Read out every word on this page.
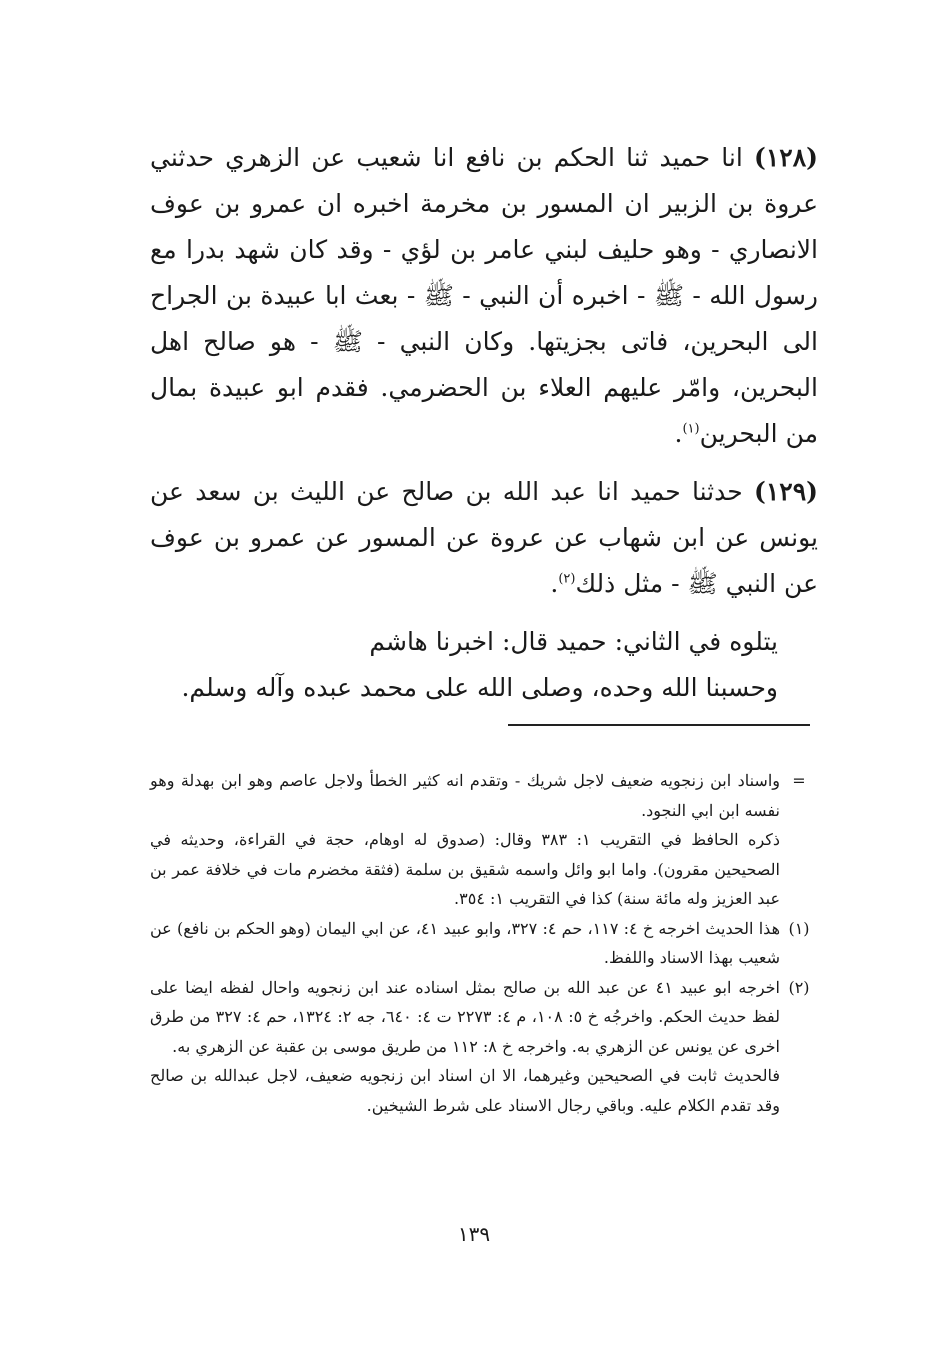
(١٢٨) انا حميد ثنا الحكم بن نافع انا شعيب عن الزهري حدثني عروة بن الزبير ان المسور بن مخرمة اخبره ان عمرو بن عوف الانصاري - وهو حليف لبني عامر بن لؤي - وقد كان شهد بدرا مع رسول الله - ﷺ - اخبره أن النبي - ﷺ - بعث ابا عبيدة بن الجراح الى البحرين، فاتى بجزيتها. وكان النبي - ﷺ - هو صالح اهل البحرين، وامّر عليهم العلاء بن الحضرمي. فقدم ابو عبيدة بمال من البحرين$^{(١)}$.

(١٢٩) حدثنا حميد انا عبد الله بن صالح عن الليث بن سعد عن يونس عن ابن شهاب عن عروة عن المسور عن عمرو بن عوف عن النبي ﷺ - مثل ذلك$^{(٢)}$.

يتلوه في الثاني: حميد قال: اخبرنا هاشم
وحسبنا الله وحده، وصلى الله على محمد عبده وآله وسلم.
=
واسناد ابن زنجويه ضعيف لاجل شريك - وتقدم انه كثير الخطأ ولاجل عاصم وهو ابن بهدلة وهو نفسه ابن ابي النجود.
ذكره الحافظ في التقريب ١: ٣٨٣ وقال: (صدوق له اوهام، حجة في القراءة، وحديثه في الصحيحين مقرون). واما ابو وائل واسمه شقيق بن سلمة (فثقة مخضرم مات في خلافة عمر بن عبد العزيز وله مائة سنة) كذا في التقريب ١: ٣٥٤.
(١)
هذا الحديث اخرجه خ ٤: ١١٧، حم ٤: ٣٢٧، وابو عبيد ٤١، عن ابي اليمان (وهو الحكم بن نافع) عن شعيب بهذا الاسناد واللفظ.
(٢)
اخرجه ابو عبيد ٤١ عن عبد الله بن صالح بمثل اسناده عند ابن زنجويه واحال لفظه ايضا على لفظ حديث الحكم. واخرجُه خ ٥: ١٠٨، م ٤: ٢٢٧٣ ت ٤: ٦٤٠، جه ٢: ١٣٢٤، حم ٤: ٣٢٧ من طرق اخرى عن يونس عن الزهري به. واخرجه خ ٨: ١١٢ من طريق موسى بن عقبة عن الزهري به.
فالحديث ثابت في الصحيحين وغيرهما، الا ان اسناد ابن زنجويه ضعيف، لاجل عبدالله بن صالح وقد تقدم الكلام عليه. وباقي رجال الاسناد على شرط الشيخين.
١٣٩
